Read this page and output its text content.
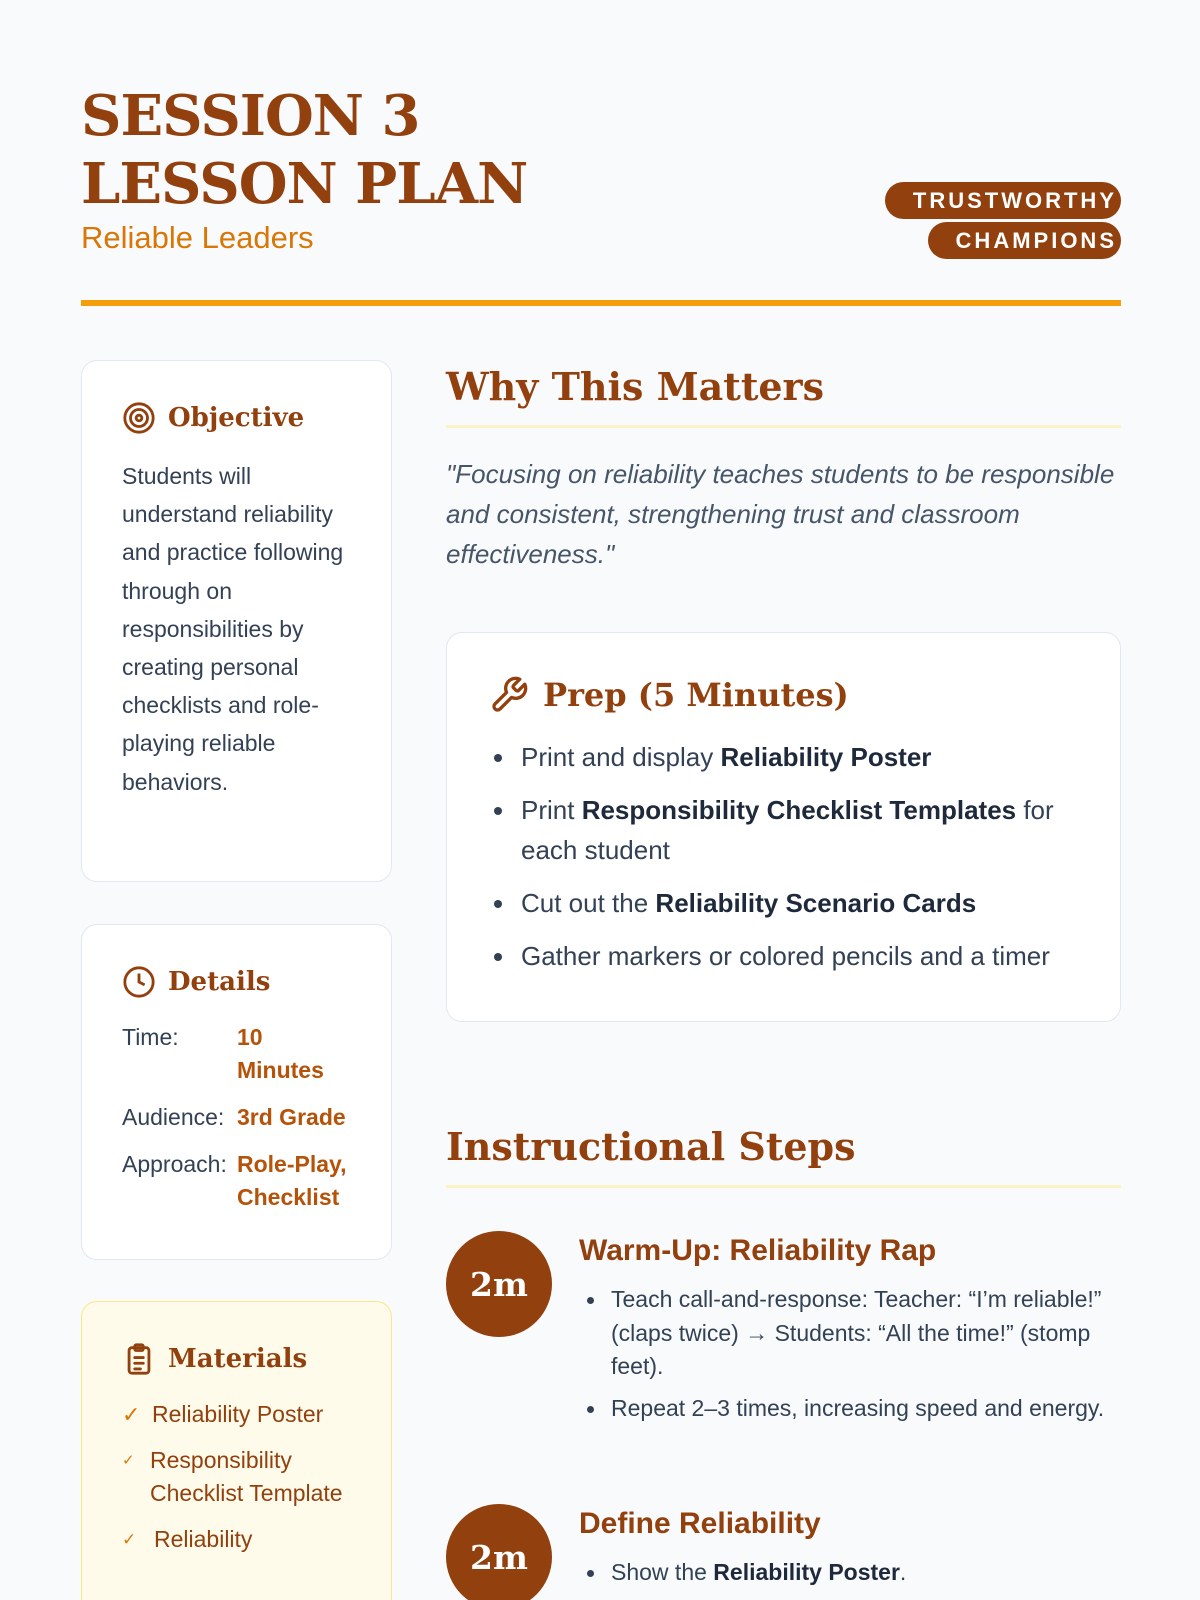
SESSION 3 LESSON PLAN
Reliable Leaders
TRUSTWORTHY CHAMPIONS
Objective
Students will understand reliability and practice following through on responsibilities by creating personal checklists and role-playing reliable behaviors.
Details
Time:	10 Minutes
Audience: 3rd Grade
Approach: Role-Play, Checklist
Materials
✓ Reliability Poster
✓ Responsibility Checklist Template
✓ Reliability
Why This Matters
"Focusing on reliability teaches students to be responsible and consistent, strengthening trust and classroom effectiveness."
Prep (5 Minutes)
Print and display Reliability Poster
Print Responsibility Checklist Templates for each student
Cut out the Reliability Scenario Cards
Gather markers or colored pencils and a timer
Instructional Steps
2m
Warm-Up: Reliability Rap
Teach call-and-response: Teacher: “I’m reliable!” (claps twice) → Students: “All the time!” (stomp feet).
Repeat 2–3 times, increasing speed and energy.
2m
Define Reliability
Show the Reliability Poster.
